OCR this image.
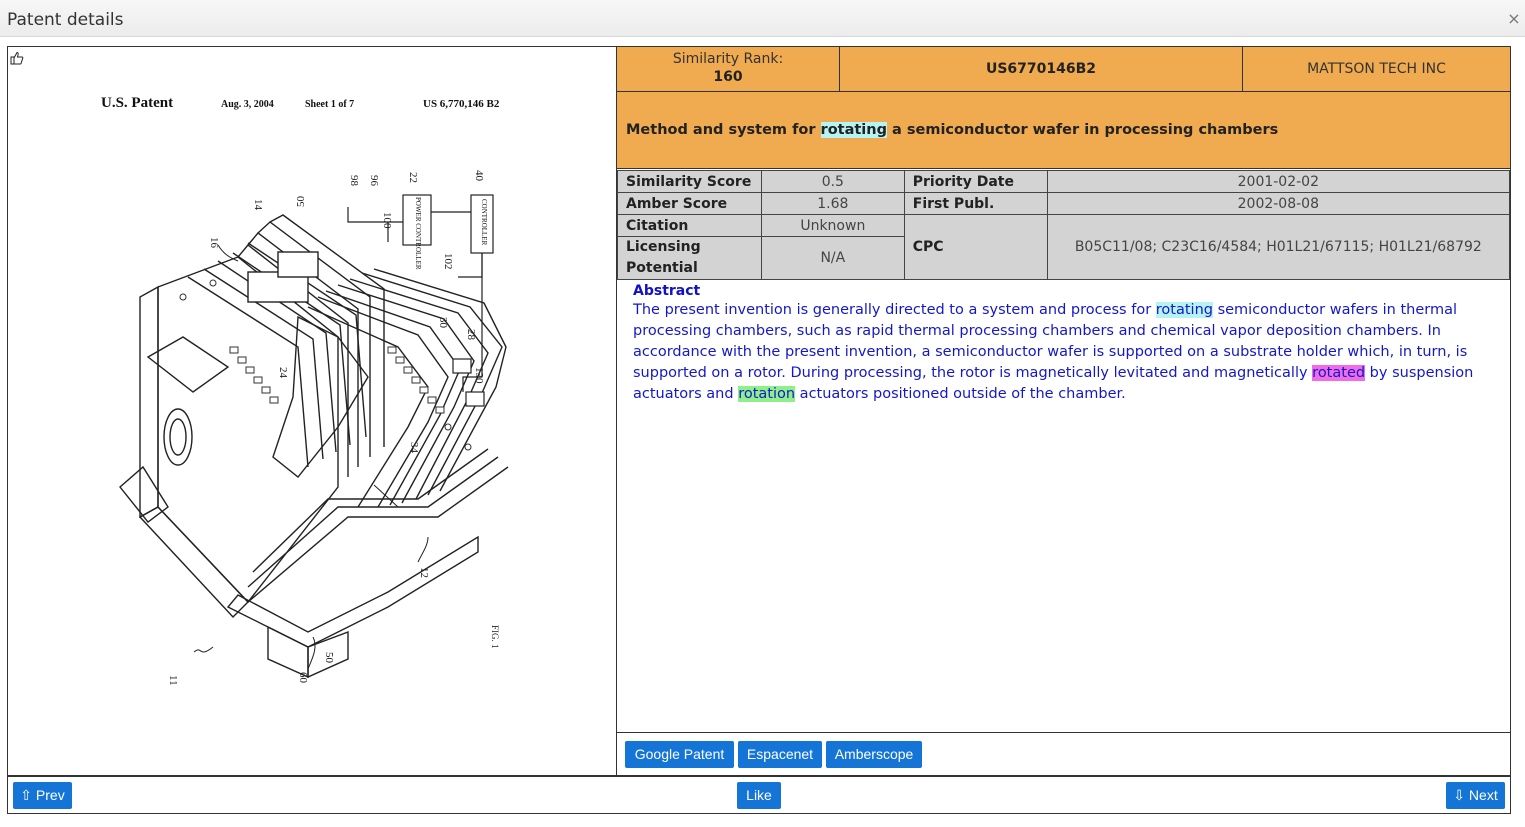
Patent details	×
U.S. Patent	Aug. 3, 2004	Sheet 1 of 7	US 6,770,146 B2
POWER CONTROLLER	CONTROLLER
14
16
50
98 96 22	40
100
102
30
28
130
24
34
12
11
50
60
FIG. 1
Similarity Rank:
160	US6770146B2	MATTSON TECH INC
Method and system for rotating a semiconductor wafer in processing chambers
Similarity Score	0.5	Priority Date	2001-02-02
Amber Score	1.68	First Publ.	2002-08-08
Citation	Unknown	CPC	B05C11/08; C23C16/4584; H01L21/67115; H01L21/68792
Licensing Potential	N/A		
Abstract
The present invention is generally directed to a system and process for rotating semiconductor wafers in thermal processing chambers, such as rapid thermal processing chambers and chemical vapor deposition chambers. In accordance with the present invention, a semiconductor wafer is supported on a substrate holder which, in turn, is supported on a rotor. During processing, the rotor is magnetically levitated and magnetically rotated by suspension actuators and rotation actuators positioned outside of the chamber.
Google Patent	Espacenet	Amberscope
⇧ Prev	Like	⇩ Next
